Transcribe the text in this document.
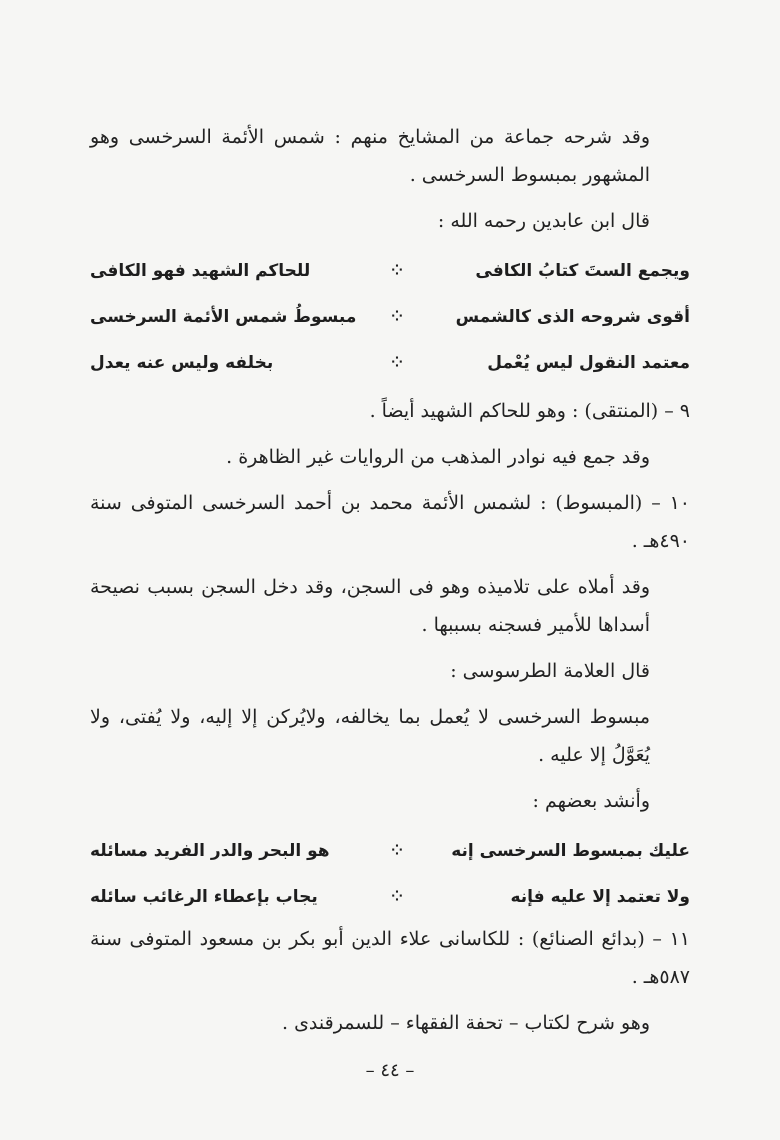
وقد شرحه جماعة من المشايخ منهم : شمس الأئمة السرخسى وهو المشهور بمبسوط السرخسى .

قال ابن عابدين رحمه الله :

ويجمع الستَ كتابُ الكافى
⁘
للحاكم الشهيد فهو الكافى
أقوى شروحه الذى كالشمس
⁘
مبسوطُ شمس الأئمة السرخسى
معتمد النقول ليس يُعْمل
⁘
بخلفه وليس عنه يعدل

٩ – (المنتقى) : وهو للحاكم الشهيد أيضاً .

وقد جمع فيه نوادر المذهب من الروايات غير الظاهرة .

١٠ – (المبسوط) : لشمس الأئمة محمد بن أحمد السرخسى المتوفى سنة ٤٩٠هـ .

وقد أملاه على تلاميذه وهو فى السجن، وقد دخل السجن بسبب نصيحة أسداها للأمير فسجنه بسببها .

قال العلامة الطرسوسى :

مبسوط السرخسى لا يُعمل بما يخالفه، ولايُركن إلا إليه، ولا يُفتى، ولا يُعَوَّلُ إلا عليه .

وأنشد بعضهم :

عليك بمبسوط السرخسى إنه
⁘
هو البحر والدر الفريد مسائله
ولا تعتمد إلا عليه فإنه
⁘
يجاب بإعطاء الرغائب سائله

١١ – (بدائع الصنائع) : للكاسانى علاء الدين أبو بكر بن مسعود المتوفى سنة ٥٨٧هـ .

وهو شرح لكتاب – تحفة الفقهاء – للسمرقندى .

– ٤٤ –
